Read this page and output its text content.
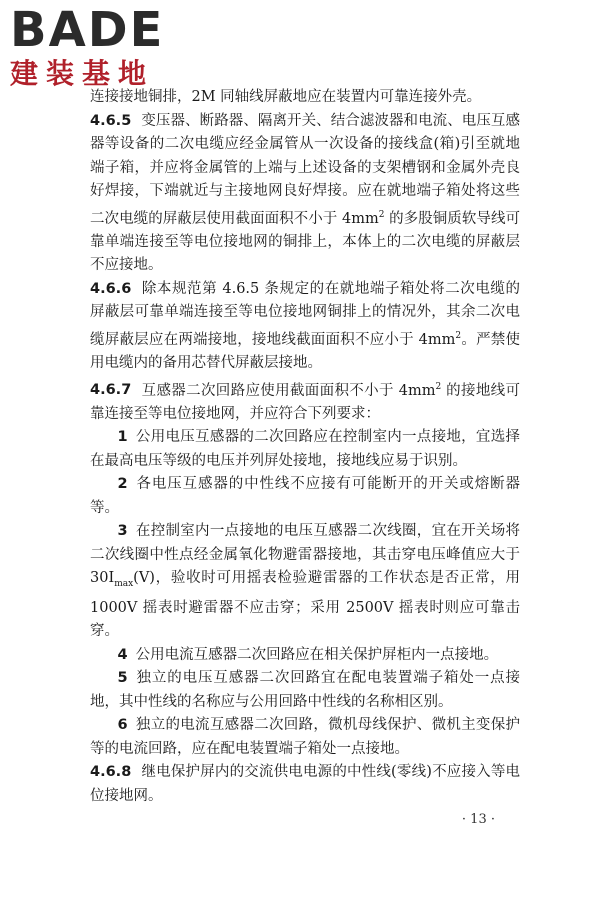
BADE
建装基地

连接接地铜排，2M 同轴线屏蔽地应在装置内可靠连接外壳。

4.6.5 变压器、断路器、隔离开关、结合滤波器和电流、电压互感器等设备的二次电缆应经金属管从一次设备的接线盒(箱)引至就地端子箱，并应将金属管的上端与上述设备的支架槽钢和金属外壳良好焊接，下端就近与主接地网良好焊接。应在就地端子箱处将这些二次电缆的屏蔽层使用截面面积不小于 $4mm^2$ 的多股铜质软导线可靠单端连接至等电位接地网的铜排上，本体上的二次电缆的屏蔽层不应接地。

4.6.6 除本规范第 4.6.5 条规定的在就地端子箱处将二次电缆的屏蔽层可靠单端连接至等电位接地网铜排上的情况外，其余二次电缆屏蔽层应在两端接地，接地线截面面积不应小于 $4mm^2$。严禁使用电缆内的备用芯替代屏蔽层接地。

4.6.7 互感器二次回路应使用截面面积不小于 $4mm^2$ 的接地线可靠连接至等电位接地网，并应符合下列要求：

1 公用电压互感器的二次回路应在控制室内一点接地，宜选择在最高电压等级的电压并列屏处接地，接地线应易于识别。

2 各电压互感器的中性线不应接有可能断开的开关或熔断器等。

3 在控制室内一点接地的电压互感器二次线圈，宜在开关场将二次线圈中性点经金属氧化物避雷器接地，其击穿电压峰值应大于 $30I_{max}(V)$，验收时可用摇表检验避雷器的工作状态是否正常，用 1000V 摇表时避雷器不应击穿；采用 2500V 摇表时则应可靠击穿。

4 公用电流互感器二次回路应在相关保护屏柜内一点接地。

5 独立的电压互感器二次回路宜在配电装置端子箱处一点接地，其中性线的名称应与公用回路中性线的名称相区别。

6 独立的电流互感器二次回路，微机母线保护、微机主变保护等的电流回路，应在配电装置端子箱处一点接地。

4.6.8 继电保护屏内的交流供电电源的中性线(零线)不应接入等电位接地网。

· 13 ·
